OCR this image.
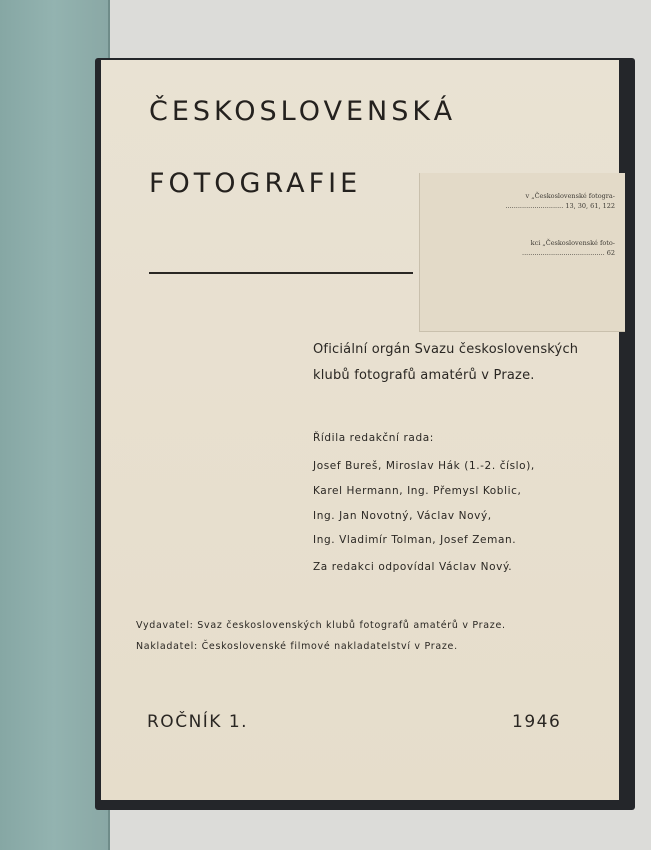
v „Československé fotogra-
............................ 13, 30, 61, 122
kci „Československé foto-
........................................ 62
ČESKOSLOVENSKÁ
FOTOGRAFIE
Oficiální orgán Svazu československých
klubů fotografů amatérů v Praze.
Řídila redakční rada:
Josef Bureš, Miroslav Hák (1.-2. číslo),
Karel Hermann, Ing. Přemysl Koblic,
Ing. Jan Novotný, Václav Nový,
Ing. Vladimír Tolman, Josef Zeman.
Za redakci odpovídal Václav Nový.
Vydavatel: Svaz československých klubů fotografů amatérů v Praze.
Nakladatel: Československé filmové nakladatelství v Praze.
ROČNÍK 1.	1946
